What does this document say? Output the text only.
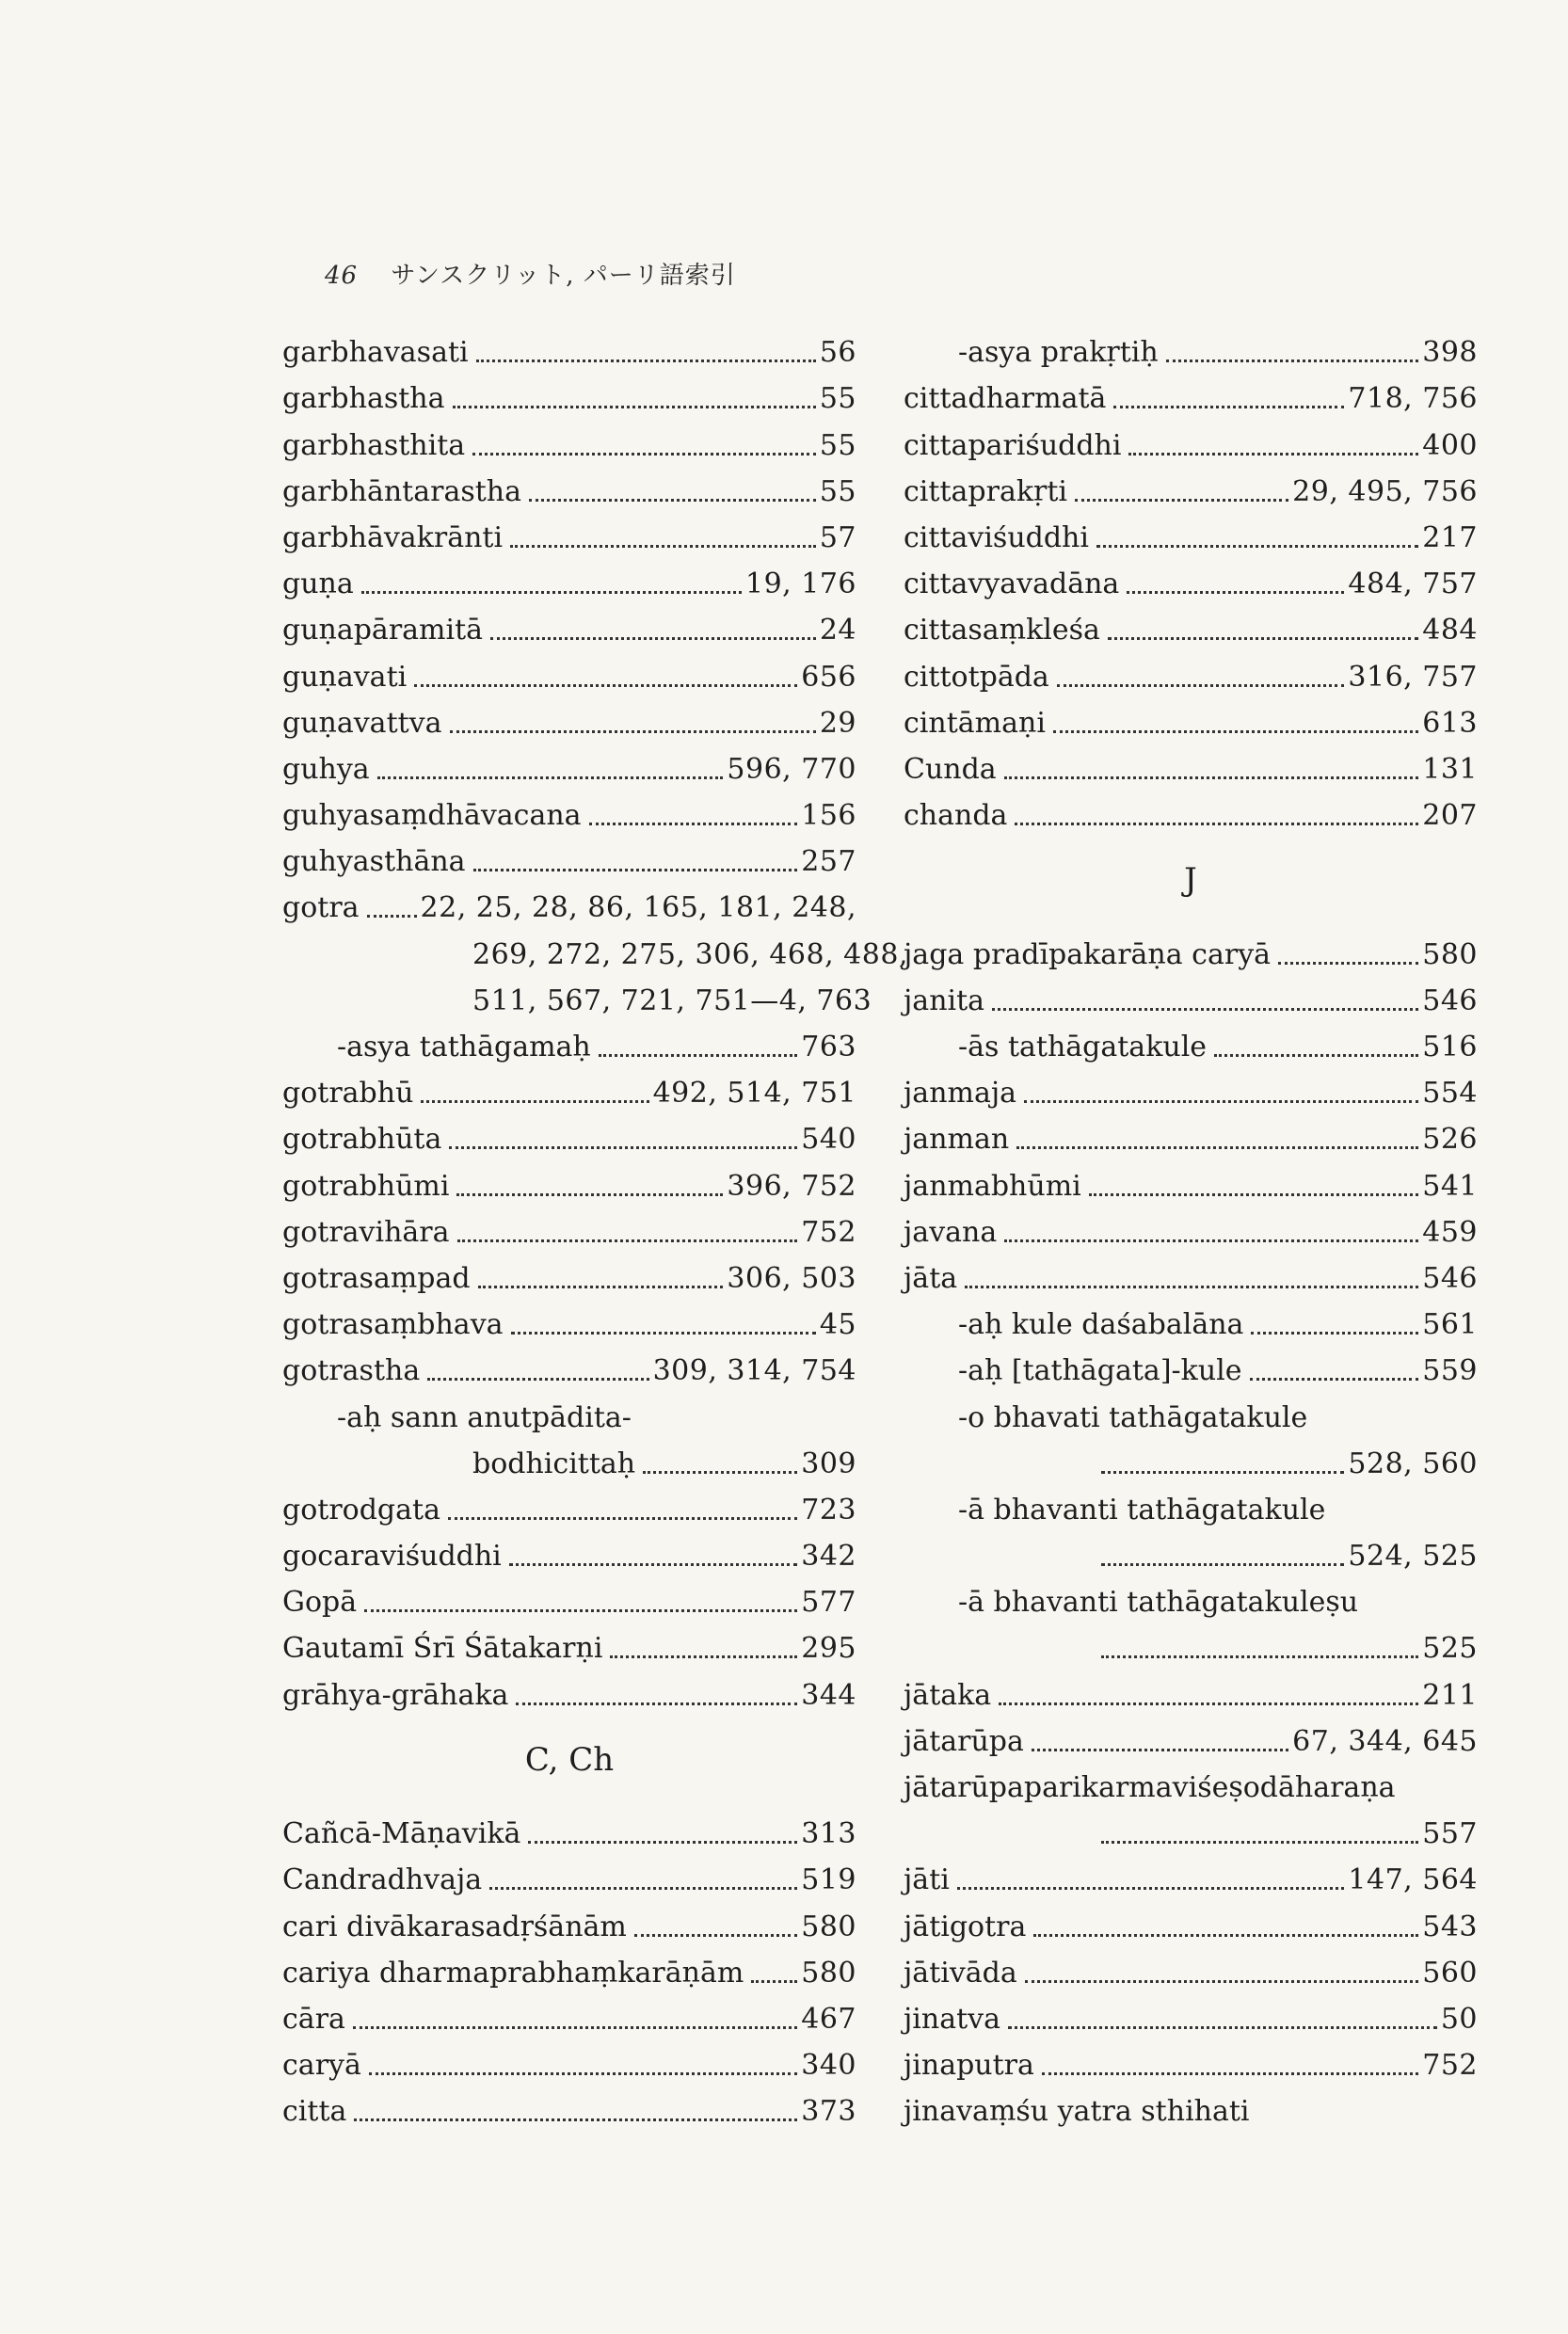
46 サンスクリット, パーリ語索引
garbhavasati	56
garbhastha	55
garbhasthita	55
garbhāntarastha	55
garbhāvakrānti	57
guṇa	19, 176
guṇapāramitā	24
guṇavati	656
guṇavattva	29
guhya	596, 770
guhyasaṃdhāvacana	156
guhyasthāna	257
gotra 22, 25, 28, 86, 165, 181, 248,
269, 272, 275, 306, 468, 488,
511, 567, 721, 751—4, 763
-asya tathāgamaḥ	763
gotrabhū	492, 514, 751
gotrabhūta	540
gotrabhūmi	396, 752
gotravihāra	752
gotrasaṃpad	306, 503
gotrasaṃbhava	45
gotrastha	309, 314, 754
-aḥ sann anutpādita-
bodhicittaḥ	309
gotrodgata	723
gocaraviśuddhi	342
Gopā	577
Gautamī Śrī Śātakarṇi	295
grāhya-grāhaka	344
C, Ch
Cañcā-Māṇavikā	313
Candradhvaja	519
cari divākarasadṛśānām	580
cariya dharmaprabhaṃkarāṇām 580
cāra	467
caryā	340
citta	373
-asya prakṛtiḥ	398
cittadharmatā	718, 756
cittapariśuddhi	400
cittaprakṛti	29, 495, 756
cittaviśuddhi	217
cittavyavadāna	484, 757
cittasaṃkleśa	484
cittotpāda	316, 757
cintāmaṇi	613
Cunda	131
chanda	207
J
jaga pradīpakarāṇa caryā	580
janita	546
-ās tathāgatakule	516
janmaja	554
janman	526
janmabhūmi	541
javana	459
jāta	546
-aḥ kule daśabalāna	561
-aḥ [tathāgata]-kule	559
-o bhavati tathāgatakule
528, 560
-ā bhavanti tathāgatakule
524, 525
-ā bhavanti tathāgatakuleṣu
525
jātaka	211
jātarūpa	67, 344, 645
jātarūpaparikarmaviśeṣodāharaṇa
557
jāti	147, 564
jātigotra	543
jātivāda	560
jinatva	50
jinaputra	752
jinavaṃśu yatra sthihati
